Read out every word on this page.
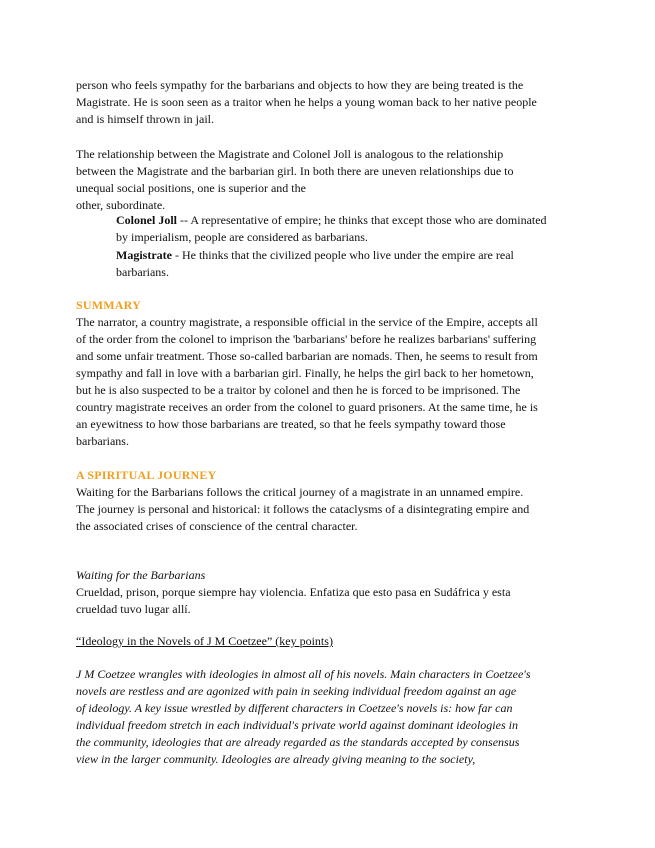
person who feels sympathy for the barbarians and objects to how they are being treated is the
Magistrate. He is soon seen as a traitor when he helps a young woman back to her native people
and is himself thrown in jail.
The relationship between the Magistrate and Colonel Joll is analogous to the relationship
between the Magistrate and the barbarian girl. In both there are uneven relationships due to
unequal social positions, one is superior and the
other, subordinate.
Colonel Joll -- A representative of empire; he thinks that except those who are dominated
by imperialism, people are considered as barbarians.
Magistrate - He thinks that the civilized people who live under the empire are real
barbarians.
SUMMARY
The narrator, a country magistrate, a responsible official in the service of the Empire, accepts all
of the order from the colonel to imprison the 'barbarians' before he realizes barbarians' suffering
and some unfair treatment. Those so-called barbarian are nomads. Then, he seems to result from
sympathy and fall in love with a barbarian girl. Finally, he helps the girl back to her hometown,
but he is also suspected to be a traitor by colonel and then he is forced to be imprisoned. The
country magistrate receives an order from the colonel to guard prisoners. At the same time, he is
an eyewitness to how those barbarians are treated, so that he feels sympathy toward those
barbarians.
A SPIRITUAL JOURNEY
Waiting for the Barbarians follows the critical journey of a magistrate in an unnamed empire.
The journey is personal and historical: it follows the cataclysms of a disintegrating empire and
the associated crises of conscience of the central character.
Waiting for the Barbarians
Crueldad, prison, porque siempre hay violencia. Enfatiza que esto pasa en Sudáfrica y esta
crueldad tuvo lugar allí.
“Ideology in the Novels of J M Coetzee” (key points)
J M Coetzee wrangles with ideologies in almost all of his novels. Main characters in Coetzee's
novels are restless and are agonized with pain in seeking individual freedom against an age
of ideology. A key issue wrestled by different characters in Coetzee's novels is: how far can
individual freedom stretch in each individual's private world against dominant ideologies in
the community, ideologies that are already regarded as the standards accepted by consensus
view in the larger community. Ideologies are already giving meaning to the society,
